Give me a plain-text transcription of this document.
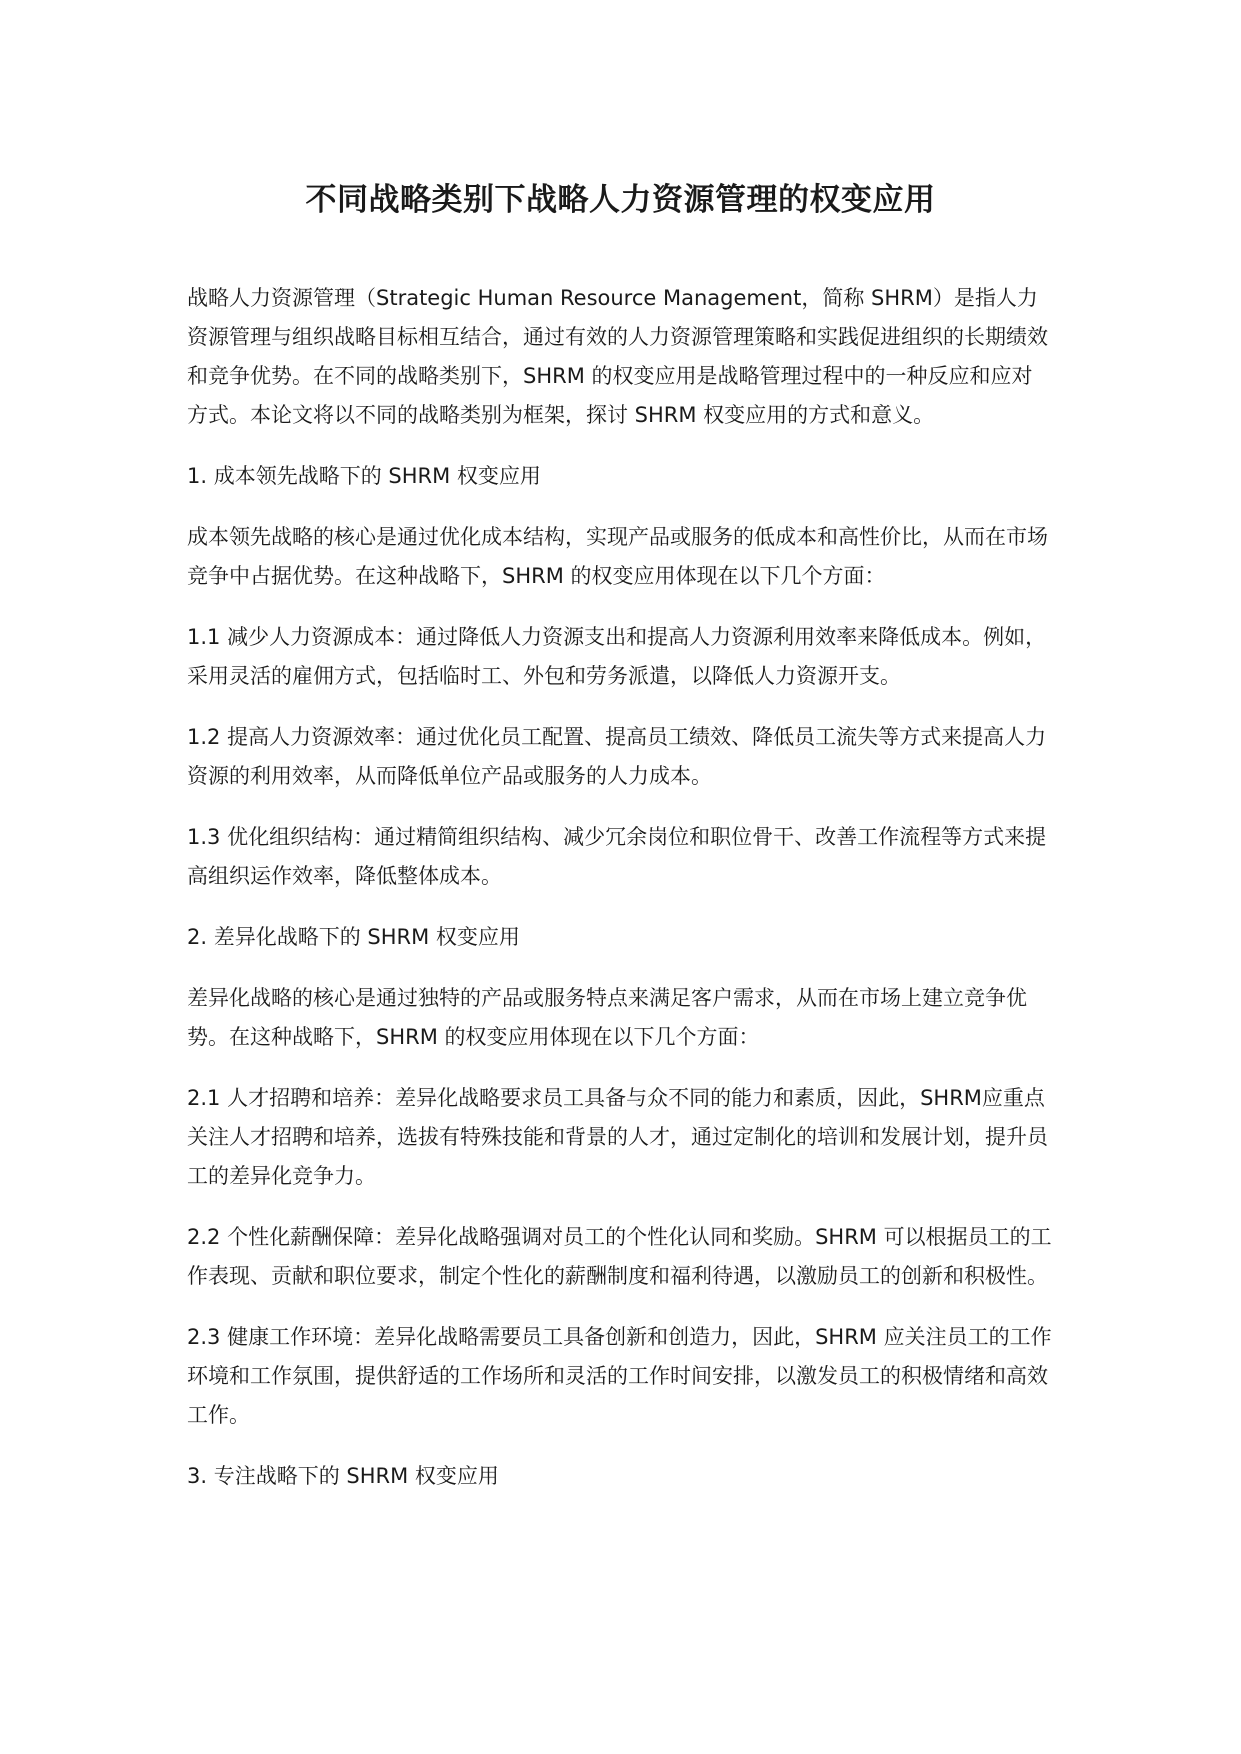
不同战略类别下战略人力资源管理的权变应用

战略人力资源管理（Strategic Human Resource Management，简称 SHRM）是指人力资源管理与组织战略目标相互结合，通过有效的人力资源管理策略和实践促进组织的长期绩效和竞争优势。在不同的战略类别下，SHRM 的权变应用是战略管理过程中的一种反应和应对方式。本论文将以不同的战略类别为框架，探讨 SHRM 权变应用的方式和意义。

1. 成本领先战略下的 SHRM 权变应用

成本领先战略的核心是通过优化成本结构，实现产品或服务的低成本和高性价比，从而在市场竞争中占据优势。在这种战略下，SHRM 的权变应用体现在以下几个方面：

1.1 减少人力资源成本：通过降低人力资源支出和提高人力资源利用效率来降低成本。例如，采用灵活的雇佣方式，包括临时工、外包和劳务派遣，以降低人力资源开支。

1.2 提高人力资源效率：通过优化员工配置、提高员工绩效、降低员工流失等方式来提高人力资源的利用效率，从而降低单位产品或服务的人力成本。

1.3 优化组织结构：通过精简组织结构、减少冗余岗位和职位骨干、改善工作流程等方式来提高组织运作效率，降低整体成本。

2. 差异化战略下的 SHRM 权变应用

差异化战略的核心是通过独特的产品或服务特点来满足客户需求，从而在市场上建立竞争优势。在这种战略下，SHRM 的权变应用体现在以下几个方面：

2.1 人才招聘和培养：差异化战略要求员工具备与众不同的能力和素质，因此，SHRM应重点关注人才招聘和培养，选拔有特殊技能和背景的人才，通过定制化的培训和发展计划，提升员工的差异化竞争力。

2.2 个性化薪酬保障：差异化战略强调对员工的个性化认同和奖励。SHRM 可以根据员工的工作表现、贡献和职位要求，制定个性化的薪酬制度和福利待遇，以激励员工的创新和积极性。

2.3 健康工作环境：差异化战略需要员工具备创新和创造力，因此，SHRM 应关注员工的工作环境和工作氛围，提供舒适的工作场所和灵活的工作时间安排，以激发员工的积极情绪和高效工作。

3. 专注战略下的 SHRM 权变应用
